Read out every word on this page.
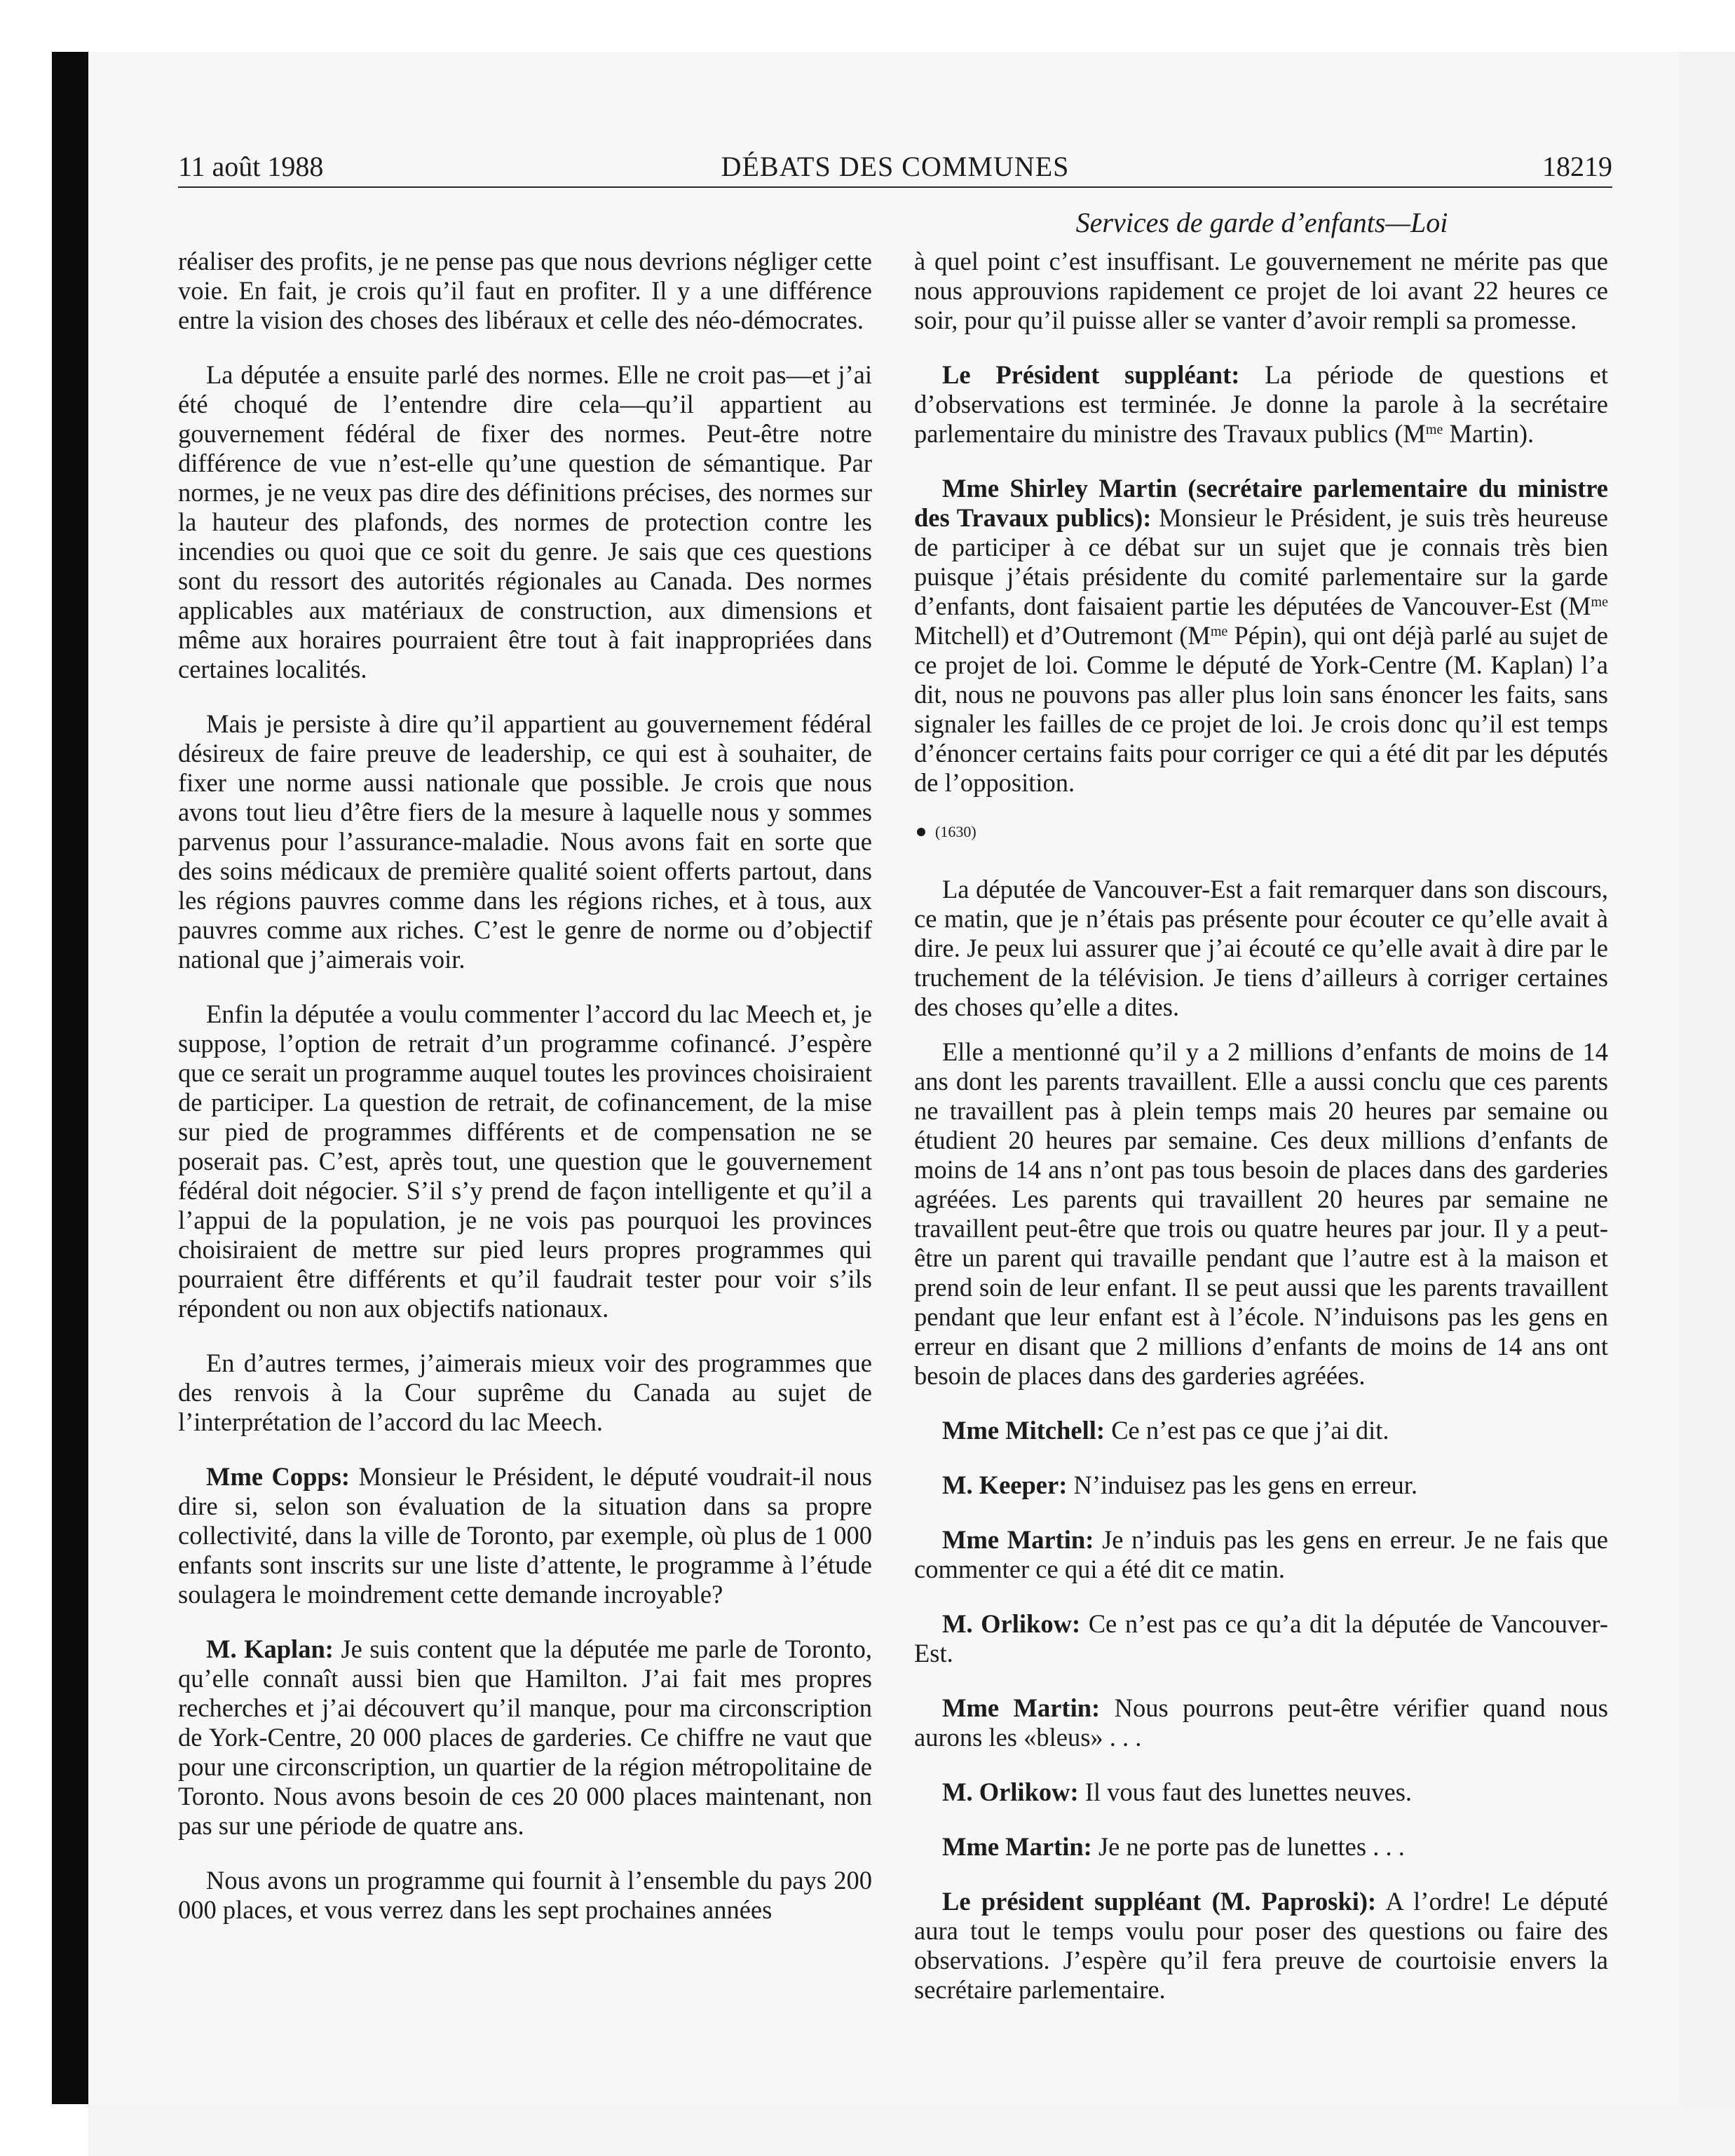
11 août 1988	DÉBATS DES COMMUNES	18219
Services de garde d’enfants—Loi

réaliser des profits, je ne pense pas que nous devrions négliger cette voie. En fait, je crois qu’il faut en profiter. Il y a une différence entre la vision des choses des libéraux et celle des néo-démocrates.

La députée a ensuite parlé des normes. Elle ne croit pas—et j’ai été choqué de l’entendre dire cela—qu’il appartient au gouvernement fédéral de fixer des normes. Peut-être notre différence de vue n’est-elle qu’une question de sémantique. Par normes, je ne veux pas dire des définitions précises, des normes sur la hauteur des plafonds, des normes de protection contre les incendies ou quoi que ce soit du genre. Je sais que ces questions sont du ressort des autorités régionales au Canada. Des normes applicables aux matériaux de construction, aux dimensions et même aux horaires pourraient être tout à fait inappropriées dans certaines localités.

Mais je persiste à dire qu’il appartient au gouvernement fédéral désireux de faire preuve de leadership, ce qui est à souhaiter, de fixer une norme aussi nationale que possible. Je crois que nous avons tout lieu d’être fiers de la mesure à laquelle nous y sommes parvenus pour l’assurance-maladie. Nous avons fait en sorte que des soins médicaux de première qualité soient offerts partout, dans les régions pauvres comme dans les régions riches, et à tous, aux pauvres comme aux riches. C’est le genre de norme ou d’objectif national que j’aimerais voir.

Enfin la députée a voulu commenter l’accord du lac Meech et, je suppose, l’option de retrait d’un programme cofinancé. J’espère que ce serait un programme auquel toutes les provinces choisiraient de participer. La question de retrait, de cofinancement, de la mise sur pied de programmes différents et de compensation ne se poserait pas. C’est, après tout, une question que le gouvernement fédéral doit négocier. S’il s’y prend de façon intelligente et qu’il a l’appui de la population, je ne vois pas pourquoi les provinces choisiraient de mettre sur pied leurs propres programmes qui pourraient être différents et qu’il faudrait tester pour voir s’ils répondent ou non aux objectifs nationaux.

En d’autres termes, j’aimerais mieux voir des programmes que des renvois à la Cour suprême du Canada au sujet de l’interprétation de l’accord du lac Meech.

Mme Copps: Monsieur le Président, le député voudrait-il nous dire si, selon son évaluation de la situation dans sa propre collectivité, dans la ville de Toronto, par exemple, où plus de 1 000 enfants sont inscrits sur une liste d’attente, le programme à l’étude soulagera le moindrement cette demande incroyable?

M. Kaplan: Je suis content que la députée me parle de Toronto, qu’elle connaît aussi bien que Hamilton. J’ai fait mes propres recherches et j’ai découvert qu’il manque, pour ma circonscription de York-Centre, 20 000 places de garderies. Ce chiffre ne vaut que pour une circonscription, un quartier de la région métropolitaine de Toronto. Nous avons besoin de ces 20 000 places maintenant, non pas sur une période de quatre ans.

Nous avons un programme qui fournit à l’ensemble du pays 200 000 places, et vous verrez dans les sept prochaines années

à quel point c’est insuffisant. Le gouvernement ne mérite pas que nous approuvions rapidement ce projet de loi avant 22 heures ce soir, pour qu’il puisse aller se vanter d’avoir rempli sa promesse.

Le Président suppléant: La période de questions et d’observations est terminée. Je donne la parole à la secrétaire parlementaire du ministre des Travaux publics ($M^{me}$ Martin).

Mme Shirley Martin (secrétaire parlementaire du ministre des Travaux publics): Monsieur le Président, je suis très heureuse de participer à ce débat sur un sujet que je connais très bien puisque j’étais présidente du comité parlementaire sur la garde d’enfants, dont faisaient partie les députées de Vancouver-Est ($M^{me}$ Mitchell) et d’Outremont ($M^{me}$ Pépin), qui ont déjà parlé au sujet de ce projet de loi. Comme le député de York-Centre (M. Kaplan) l’a dit, nous ne pouvons pas aller plus loin sans énoncer les faits, sans signaler les failles de ce projet de loi. Je crois donc qu’il est temps d’énoncer certains faits pour corriger ce qui a été dit par les députés de l’opposition.

(1630)

La députée de Vancouver-Est a fait remarquer dans son discours, ce matin, que je n’étais pas présente pour écouter ce qu’elle avait à dire. Je peux lui assurer que j’ai écouté ce qu’elle avait à dire par le truchement de la télévision. Je tiens d’ailleurs à corriger certaines des choses qu’elle a dites.

Elle a mentionné qu’il y a 2 millions d’enfants de moins de 14 ans dont les parents travaillent. Elle a aussi conclu que ces parents ne travaillent pas à plein temps mais 20 heures par semaine ou étudient 20 heures par semaine. Ces deux millions d’enfants de moins de 14 ans n’ont pas tous besoin de places dans des garderies agréées. Les parents qui travaillent 20 heures par semaine ne travaillent peut-être que trois ou quatre heures par jour. Il y a peut-être un parent qui travaille pendant que l’autre est à la maison et prend soin de leur enfant. Il se peut aussi que les parents travaillent pendant que leur enfant est à l’école. N’induisons pas les gens en erreur en disant que 2 millions d’enfants de moins de 14 ans ont besoin de places dans des garderies agréées.

Mme Mitchell: Ce n’est pas ce que j’ai dit.

M. Keeper: N’induisez pas les gens en erreur.

Mme Martin: Je n’induis pas les gens en erreur. Je ne fais que commenter ce qui a été dit ce matin.

M. Orlikow: Ce n’est pas ce qu’a dit la députée de Vancouver-Est.

Mme Martin: Nous pourrons peut-être vérifier quand nous aurons les «bleus» . . .

M. Orlikow: Il vous faut des lunettes neuves.

Mme Martin: Je ne porte pas de lunettes . . .

Le président suppléant (M. Paproski): A l’ordre! Le député aura tout le temps voulu pour poser des questions ou faire des observations. J’espère qu’il fera preuve de courtoisie envers la secrétaire parlementaire.
